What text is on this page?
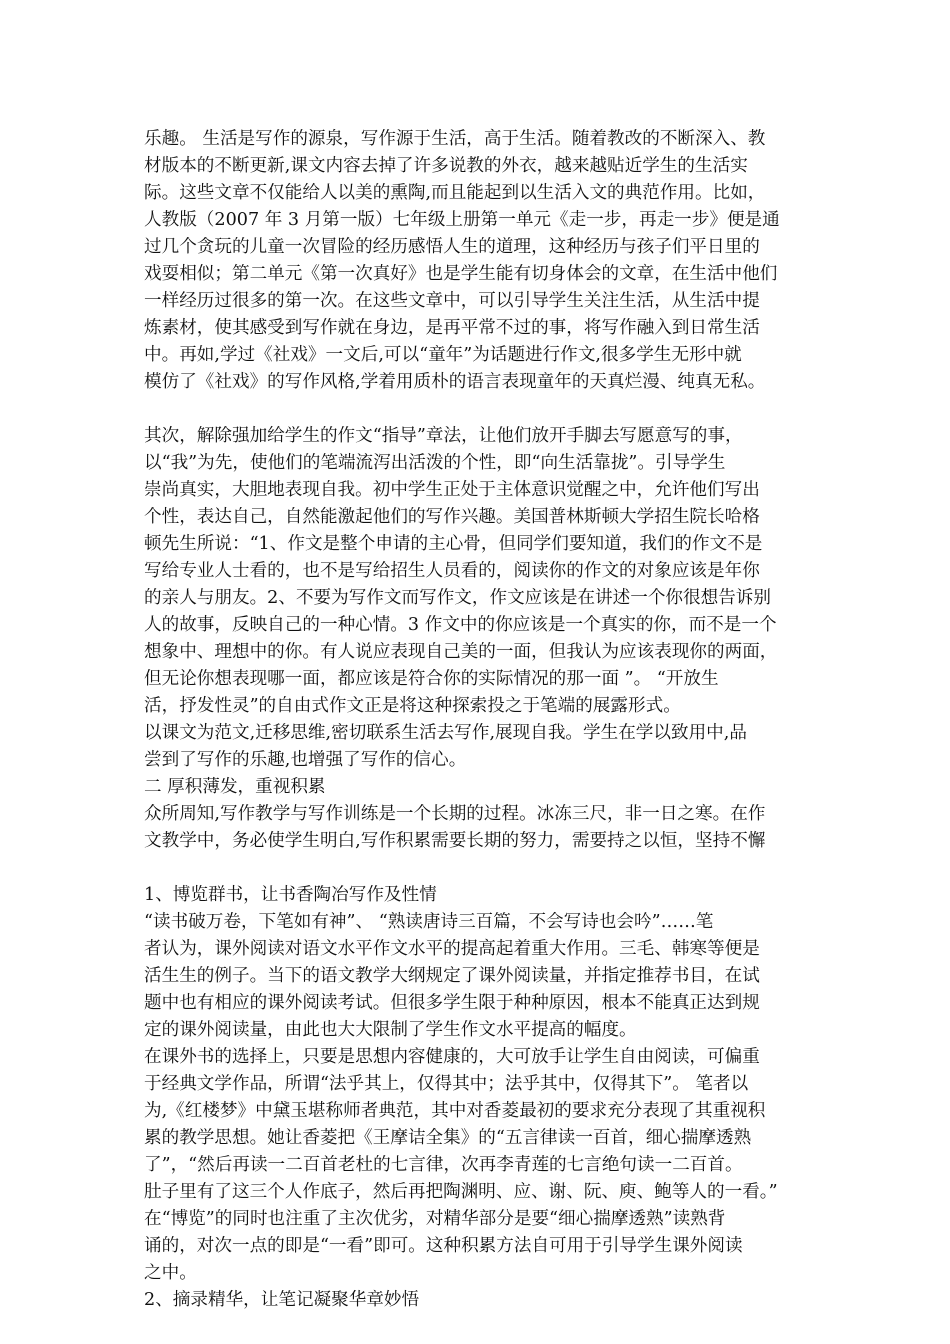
乐趣。 生活是写作的源泉，写作源于生活，高于生活。随着教改的不断深入、教
材版本的不断更新,课文内容去掉了许多说教的外衣，越来越贴近学生的生活实
际。这些文章不仅能给人以美的熏陶,而且能起到以生活入文的典范作用。比如，
人教版（2007 年 3 月第一版）七年级上册第一单元《走一步，再走一步》便是通
过几个贪玩的儿童一次冒险的经历感悟人生的道理，这种经历与孩子们平日里的
戏耍相似；第二单元《第一次真好》也是学生能有切身体会的文章，在生活中他们
一样经历过很多的第一次。在这些文章中，可以引导学生关注生活，从生活中提
炼素材，使其感受到写作就在身边，是再平常不过的事，将写作融入到日常生活
中。再如,学过《社戏》一文后,可以“童年”为话题进行作文,很多学生无形中就
模仿了《社戏》的写作风格,学着用质朴的语言表现童年的天真烂漫、纯真无私。
其次，解除强加给学生的作文“指导”章法，让他们放开手脚去写愿意写的事，
以“我”为先，使他们的笔端流泻出活泼的个性，即“向生活靠拢”。引导学生
崇尚真实，大胆地表现自我。初中学生正处于主体意识觉醒之中，允许他们写出
个性，表达自己，自然能激起他们的写作兴趣。美国普林斯顿大学招生院长哈格
顿先生所说：“1、作文是整个申请的主心骨，但同学们要知道，我们的作文不是
写给专业人士看的，也不是写给招生人员看的，阅读你的作文的对象应该是年你
的亲人与朋友。2、不要为写作文而写作文，作文应该是在讲述一个你很想告诉别
人的故事，反映自己的一种心情。3 作文中的你应该是一个真实的你，而不是一个
想象中、理想中的你。有人说应表现自己美的一面，但我认为应该表现你的两面，
但无论你想表现哪一面，都应该是符合你的实际情况的那一面 ”。 “开放生
活，抒发性灵”的自由式作文正是将这种探索投之于笔端的展露形式。
以课文为范文,迁移思维,密切联系生活去写作,展现自我。学生在学以致用中,品
尝到了写作的乐趣,也增强了写作的信心。
二 厚积薄发，重视积累
众所周知,写作教学与写作训练是一个长期的过程。冰冻三尺，非一日之寒。在作
文教学中，务必使学生明白,写作积累需要长期的努力，需要持之以恒，坚持不懈
1、博览群书，让书香陶冶写作及性情
“读书破万卷，下笔如有神”、 “熟读唐诗三百篇，不会写诗也会吟”……笔
者认为，课外阅读对语文水平作文水平的提高起着重大作用。三毛、韩寒等便是
活生生的例子。当下的语文教学大纲规定了课外阅读量，并指定推荐书目，在试
题中也有相应的课外阅读考试。但很多学生限于种种原因，根本不能真正达到规
定的课外阅读量，由此也大大限制了学生作文水平提高的幅度。
在课外书的选择上，只要是思想内容健康的，大可放手让学生自由阅读，可偏重
于经典文学作品，所谓“法乎其上，仅得其中；法乎其中，仅得其下”。 笔者以
为,《红楼梦》中黛玉堪称师者典范，其中对香菱最初的要求充分表现了其重视积
累的教学思想。她让香菱把《王摩诘全集》的“五言律读一百首，细心揣摩透熟
了”，“然后再读一二百首老杜的七言律，次再李青莲的七言绝句读一二百首。
肚子里有了这三个人作底子，然后再把陶渊明、应、谢、阮、庾、鲍等人的一看。”
在“博览”的同时也注重了主次优劣，对精华部分是要“细心揣摩透熟”读熟背
诵的，对次一点的即是“一看”即可。这种积累方法自可用于引导学生课外阅读
之中。
2、摘录精华，让笔记凝聚华章妙悟
